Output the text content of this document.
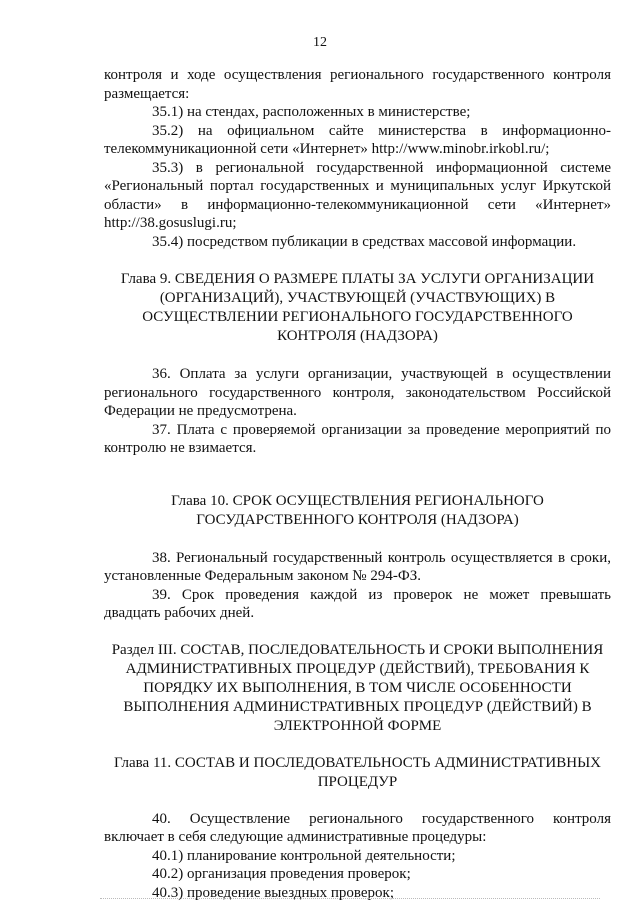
12

контроля и ходе осуществления регионального государственного контроля размещается:

35.1) на стендах, расположенных в министерстве;

35.2) на официальном сайте министерства в информационно-телекоммуникационной сети «Интернет» http://www.minobr.irkobl.ru/;

35.3) в региональной государственной информационной системе «Региональный портал государственных и муниципальных услуг Иркутской области» в информационно-телекоммуникационной сети «Интернет» http://38.gosuslugi.ru;

35.4) посредством публикации в средствах массовой информации.

Глава 9. СВЕДЕНИЯ О РАЗМЕРЕ ПЛАТЫ ЗА УСЛУГИ ОРГАНИЗАЦИИ (ОРГАНИЗАЦИЙ), УЧАСТВУЮЩЕЙ (УЧАСТВУЮЩИХ) В ОСУЩЕСТВЛЕНИИ РЕГИОНАЛЬНОГО ГОСУДАРСТВЕННОГО КОНТРОЛЯ (НАДЗОРА)

36. Оплата за услуги организации, участвующей в осуществлении регионального государственного контроля, законодательством Российской Федерации не предусмотрена.

37. Плата с проверяемой организации за проведение мероприятий по контролю не взимается.

Глава 10. СРОК ОСУЩЕСТВЛЕНИЯ РЕГИОНАЛЬНОГО ГОСУДАРСТВЕННОГО КОНТРОЛЯ (НАДЗОРА)

38. Региональный государственный контроль осуществляется в сроки, установленные Федеральным законом № 294-ФЗ.

39. Срок проведения каждой из проверок не может превышать двадцать рабочих дней.

Раздел III. СОСТАВ, ПОСЛЕДОВАТЕЛЬНОСТЬ И СРОКИ ВЫПОЛНЕНИЯ АДМИНИСТРАТИВНЫХ ПРОЦЕДУР (ДЕЙСТВИЙ), ТРЕБОВАНИЯ К ПОРЯДКУ ИХ ВЫПОЛНЕНИЯ, В ТОМ ЧИСЛЕ ОСОБЕННОСТИ ВЫПОЛНЕНИЯ АДМИНИСТРАТИВНЫХ ПРОЦЕДУР (ДЕЙСТВИЙ) В ЭЛЕКТРОННОЙ ФОРМЕ

Глава 11. СОСТАВ И ПОСЛЕДОВАТЕЛЬНОСТЬ АДМИНИСТРАТИВНЫХ ПРОЦЕДУР

40. Осуществление регионального государственного контроля включает в себя следующие административные процедуры:

40.1) планирование контрольной деятельности;

40.2) организация проведения проверок;

40.3) проведение выездных проверок;
